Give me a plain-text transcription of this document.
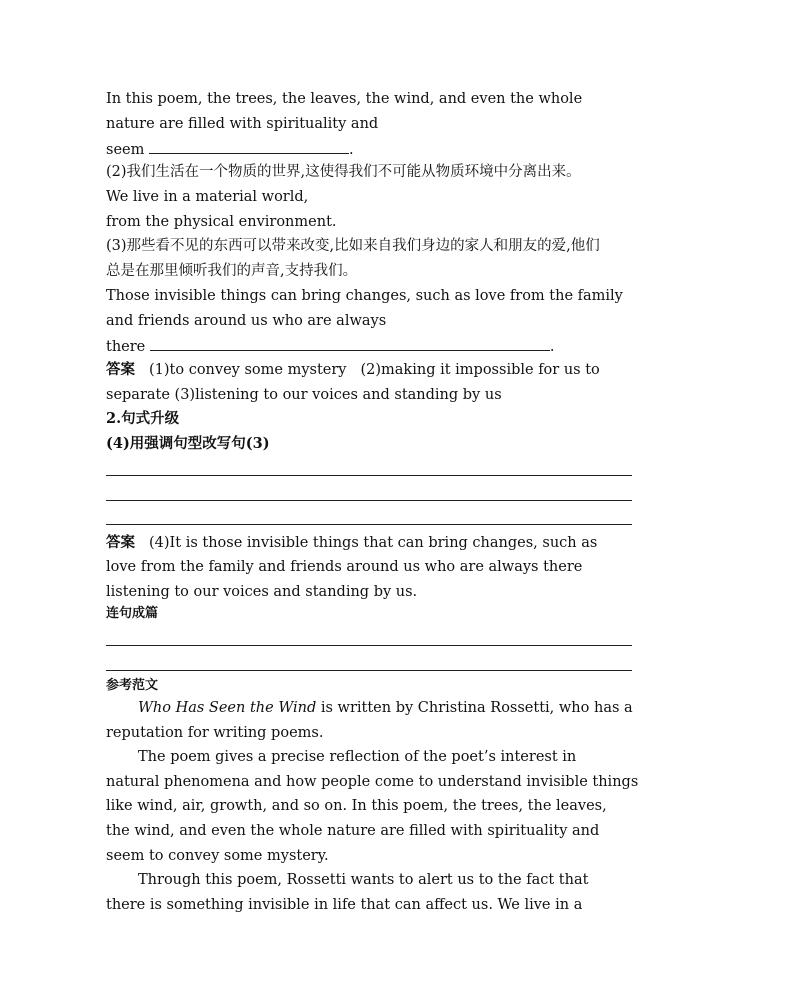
In this poem, the trees, the leaves, the wind, and even the whole
nature are filled with spirituality and
seem	.
(2)我们生活在一个物质的世界,这使得我们不可能从物质环境中分离出来。
We live in a material world,
from the physical environment.
(3)那些看不见的东西可以带来改变,比如来自我们身边的家人和朋友的爱,他们
总是在那里倾听我们的声音,支持我们。
Those invisible things can bring changes, such as love from the family
and friends around us who are always
there	.
答案 (1)to convey some mystery (2)making it impossible for us to
separate (3)listening to our voices and standing by us
2.句式升级
(4)用强调句型改写句(3)
答案 (4)It is those invisible things that can bring changes, such as
love from the family and friends around us who are always there
listening to our voices and standing by us.
连句成篇
参考范文
Who Has Seen the Wind is written by Christina Rossetti, who has a
reputation for writing poems.
The poem gives a precise reflection of the poet’s interest in
natural phenomena and how people come to understand invisible things
like wind, air, growth, and so on. In this poem, the trees, the leaves,
the wind, and even the whole nature are filled with spirituality and
seem to convey some mystery.
Through this poem, Rossetti wants to alert us to the fact that
there is something invisible in life that can affect us. We live in a
